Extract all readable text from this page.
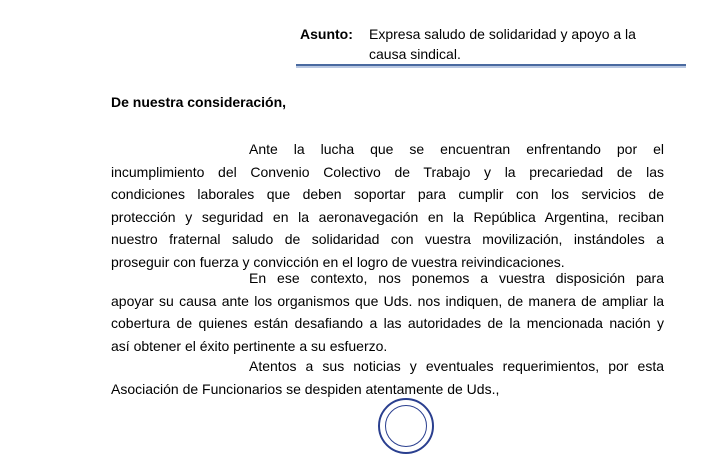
Asunto: Expresa saludo de solidaridad y apoyo a la
causa sindical.
De nuestra consideración,
Ante la lucha que se encuentran enfrentando por el
incumplimiento del Convenio Colectivo de Trabajo y la precariedad de las
condiciones laborales que deben soportar para cumplir con los servicios de
protección y seguridad en la aeronavegación en la República Argentina, reciban
nuestro fraternal saludo de solidaridad con vuestra movilización, instándoles a
proseguir con fuerza y convicción en el logro de vuestra reivindicaciones.
En ese contexto, nos ponemos a vuestra disposición para
apoyar su causa ante los organismos que Uds. nos indiquen, de manera de ampliar la
cobertura de quienes están desafiando a las autoridades de la mencionada nación y
así obtener el éxito pertinente a su esfuerzo.
Atentos a sus noticias y eventuales requerimientos, por esta
Asociación de Funcionarios se despiden atentamente de Uds.,
